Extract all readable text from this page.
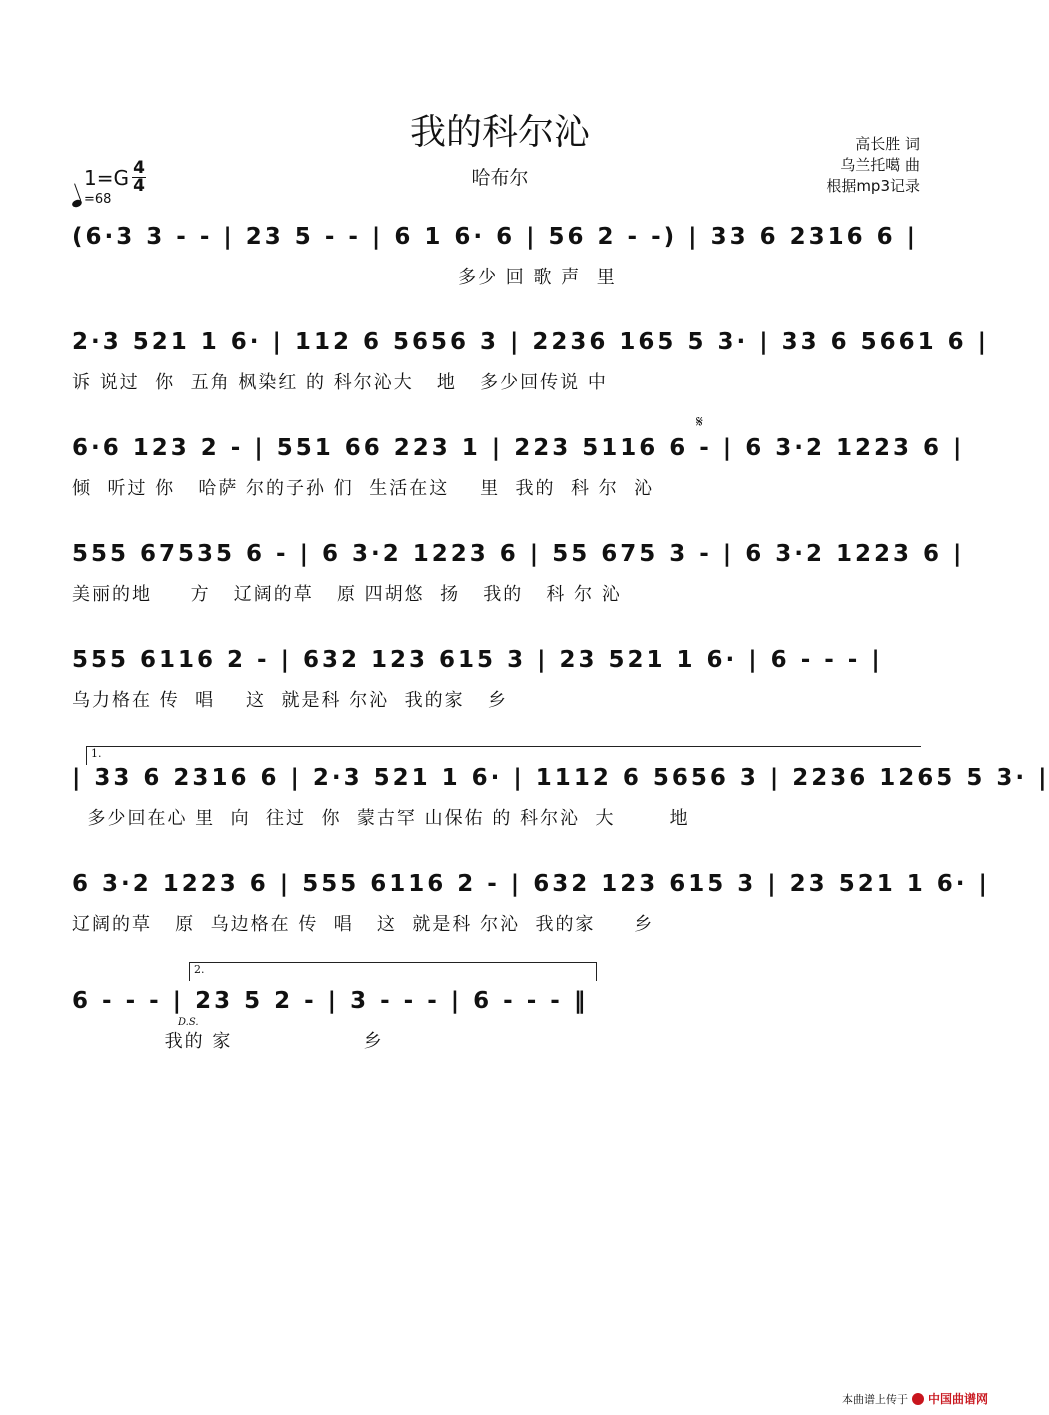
我的科尔沁
哈布尔
高长胜 词
乌兰托噶 曲
根据mp3记录
1=G 4
4
=68
(6·3 3 - - | 23 5 - - | 6 1 6· 6 | 56 2 - -) | 33 6 2316 6 |
多少 回 歌 声  里
2·3 521 1 6· | 112 6 5656 3 | 2236 165 5 3· | 33 6 5661 6 |
诉 说过  你  五角 枫染红 的 科尔沁大   地   多少回传说 中
𝄋
6·6 123 2 - | 551 66 223 1 | 223 5116 6 - | 6 3·2 1223 6 |
倾  听过 你   哈萨 尔的子孙 们  生活在这    里  我的  科 尔  沁
555 67535 6 - | 6 3·2 1223 6 | 55 675 3 - | 6 3·2 1223 6 |
美丽的地     方   辽阔的草   原 四胡悠  扬   我的   科 尔 沁
555 6116 2 - | 632 123 615 3 | 23 521 1 6· | 6 - - - |
乌力格在 传  唱    这  就是科 尔沁  我的家   乡
1.
| 33 6 2316 6 | 2·3 521 1 6· | 1112 6 5656 3 | 2236 1265 5 3· |
多少回在心 里  向  往过  你  蒙古罕 山保佑 的 科尔沁  大       地
6 3·2 1223 6 | 555 6116 2 - | 632 123 615 3 | 23 521 1 6· |
辽阔的草   原  乌边格在 传  唱   这  就是科 尔沁  我的家     乡
2.
D.S.
6 - - - | 23 5 2 - | 3 - - - | 6 - - - ‖
我的 家                 乡
本曲谱上传于 中国曲谱网
